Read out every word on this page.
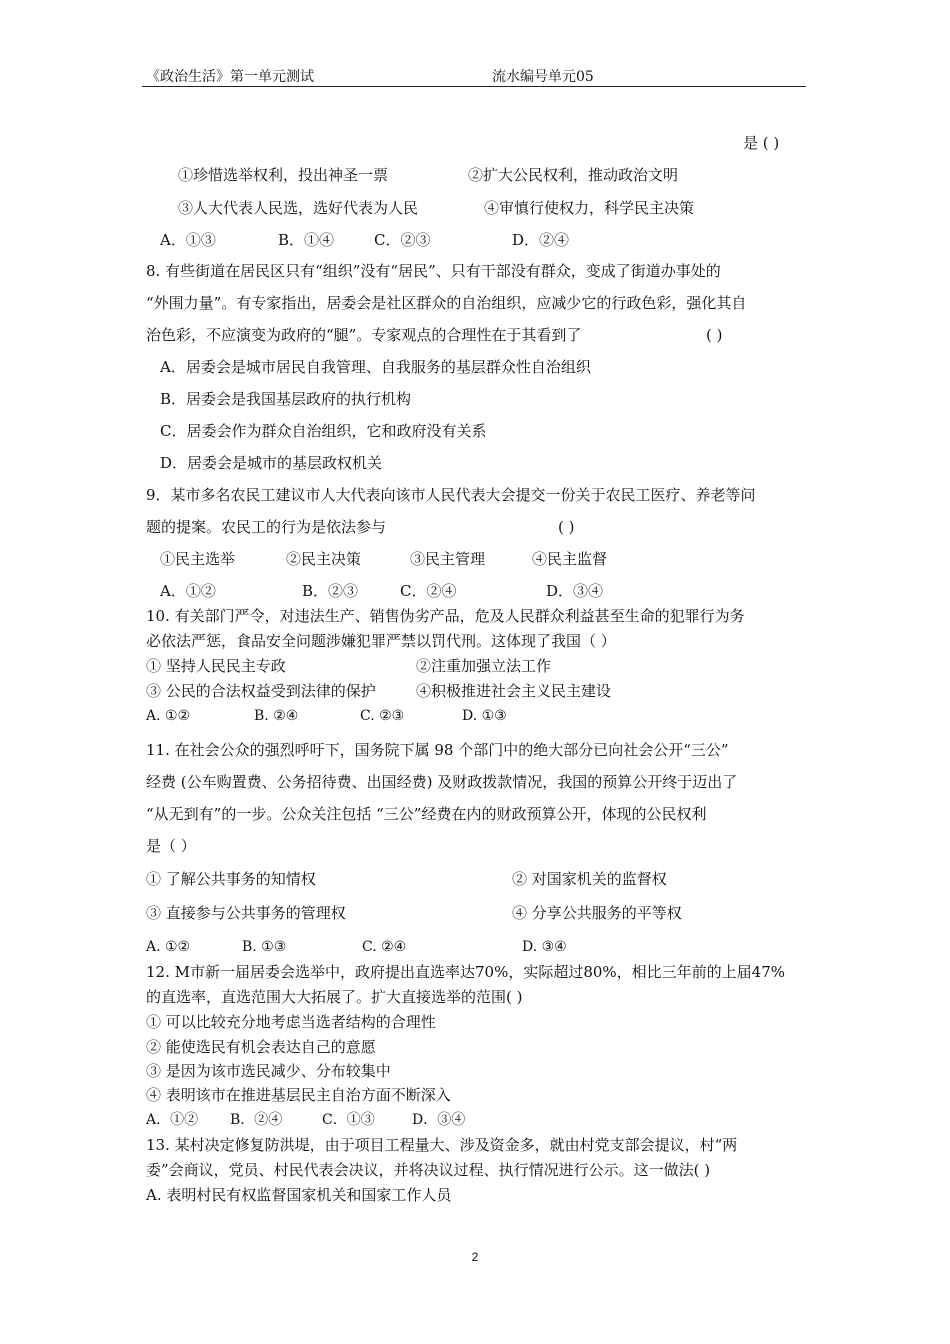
《政治生活》第一单元测试	流水编号单元05
是 ( )
①珍惜选举权利，投出神圣一票	②扩大公民权利，推动政治文明
③人大代表人民选，选好代表为人民	④审慎行使权力，科学民主决策
A．①③	B．①④	C．②③	D．②④
8. 有些街道在居民区只有“组织”没有“居民”、只有干部没有群众，变成了街道办事处的
“外围力量”。有专家指出，居委会是社区群众的自治组织，应减少它的行政色彩，强化其自
治色彩，不应演变为政府的“腿”。专家观点的合理性在于其看到了	( )
A．居委会是城市居民自我管理、自我服务的基层群众性自治组织
B．居委会是我国基层政府的执行机构
C．居委会作为群众自治组织，它和政府没有关系
D．居委会是城市的基层政权机关
9．某市多名农民工建议市人大代表向该市人民代表大会提交一份关于农民工医疗、养老等问
题的提案。农民工的行为是依法参与	( )
①民主选举	②民主决策	③民主管理	④民主监督
A．①②	B．②③	C．②④	D．③④
10. 有关部门严令，对违法生产、销售伪劣产品，危及人民群众利益甚至生命的犯罪行为务
必依法严惩，食品安全问题涉嫌犯罪严禁以罚代刑。这体现了我国（ ）
① 坚持人民民主专政	②注重加强立法工作
③ 公民的合法权益受到法律的保护	④积极推进社会主义民主建设
A. ①②	B. ②④	C. ②③	D. ①③
11. 在社会公众的强烈呼吁下，国务院下属 98 个部门中的绝大部分已向社会公开“三公”
经费 (公车购置费、公务招待费、出国经费) 及财政拨款情况，我国的预算公开终于迈出了
“从无到有”的一步。公众关注包括 “三公”经费在内的财政预算公开，体现的公民权利
是（ ）
① 了解公共事务的知情权	② 对国家机关的监督权
③ 直接参与公共事务的管理权	④ 分享公共服务的平等权
A. ①②	B. ①③	C. ②④	D. ③④
12. M市新一届居委会选举中，政府提出直选率达70%，实际超过80%，相比三年前的上届47%
的直选率，直选范围大大拓展了。扩大直接选举的范围( )
① 可以比较充分地考虑当选者结构的合理性
② 能使选民有机会表达自己的意愿
③ 是因为该市选民减少、分布较集中
④ 表明该市在推进基层民主自治方面不断深入
A．①② B．②④	C．①③	D．③④
13. 某村决定修复防洪堤，由于项目工程量大、涉及资金多，就由村党支部会提议，村“两
委”会商议，党员、村民代表会决议，并将决议过程、执行情况进行公示。这一做法( )
A. 表明村民有权监督国家机关和国家工作人员
2
